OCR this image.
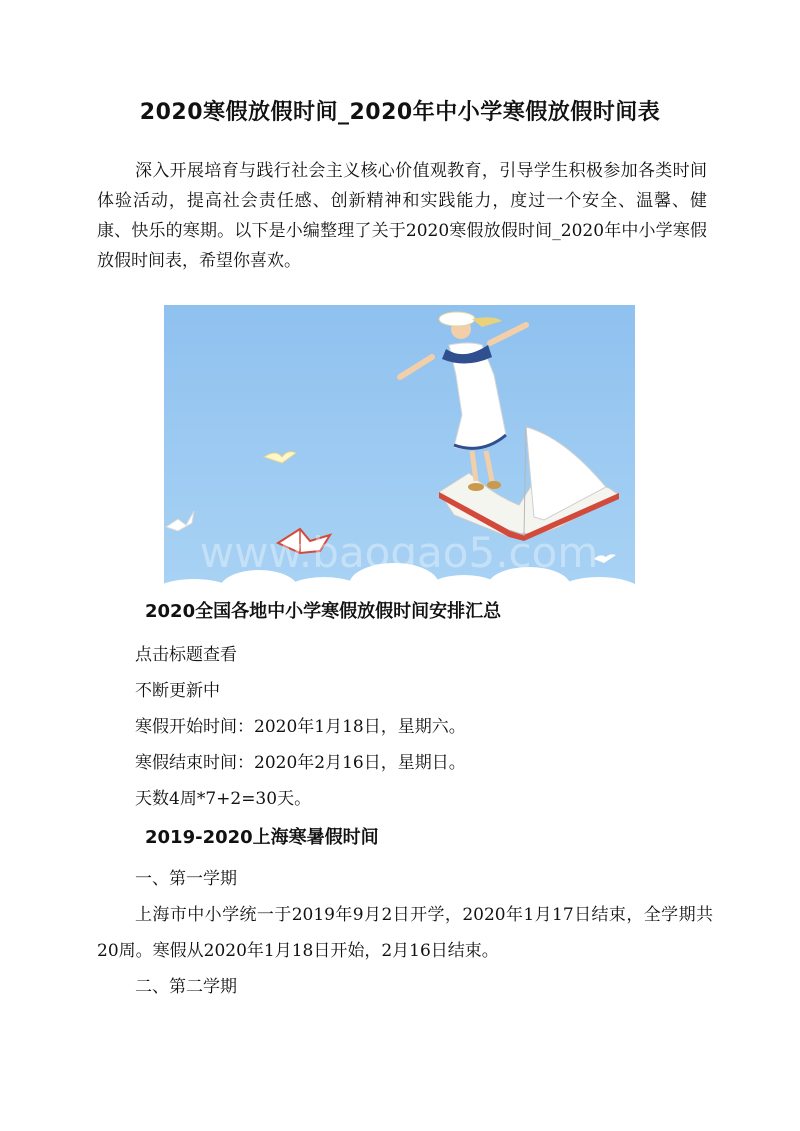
2020寒假放假时间_2020年中小学寒假放假时间表

深入开展培育与践行社会主义核心价值观教育，引导学生积极参加各类时间体验活动，提高社会责任感、创新精神和实践能力，度过一个安全、温馨、健康、快乐的寒期。以下是小编整理了关于2020寒假放假时间_2020年中小学寒假放假时间表，希望你喜欢。

www.baogao5.com
2020全国各地中小学寒假放假时间安排汇总

点击标题查看

不断更新中

寒假开始时间：2020年1月18日，星期六。

寒假结束时间：2020年2月16日，星期日。

天数4周*7+2=30天。

2019-2020上海寒暑假时间

一、第一学期

上海市中小学统一于2019年9月2日开学，2020年1月17日结束，全学期共20周。寒假从2020年1月18日开始，2月16日结束。

二、第二学期
